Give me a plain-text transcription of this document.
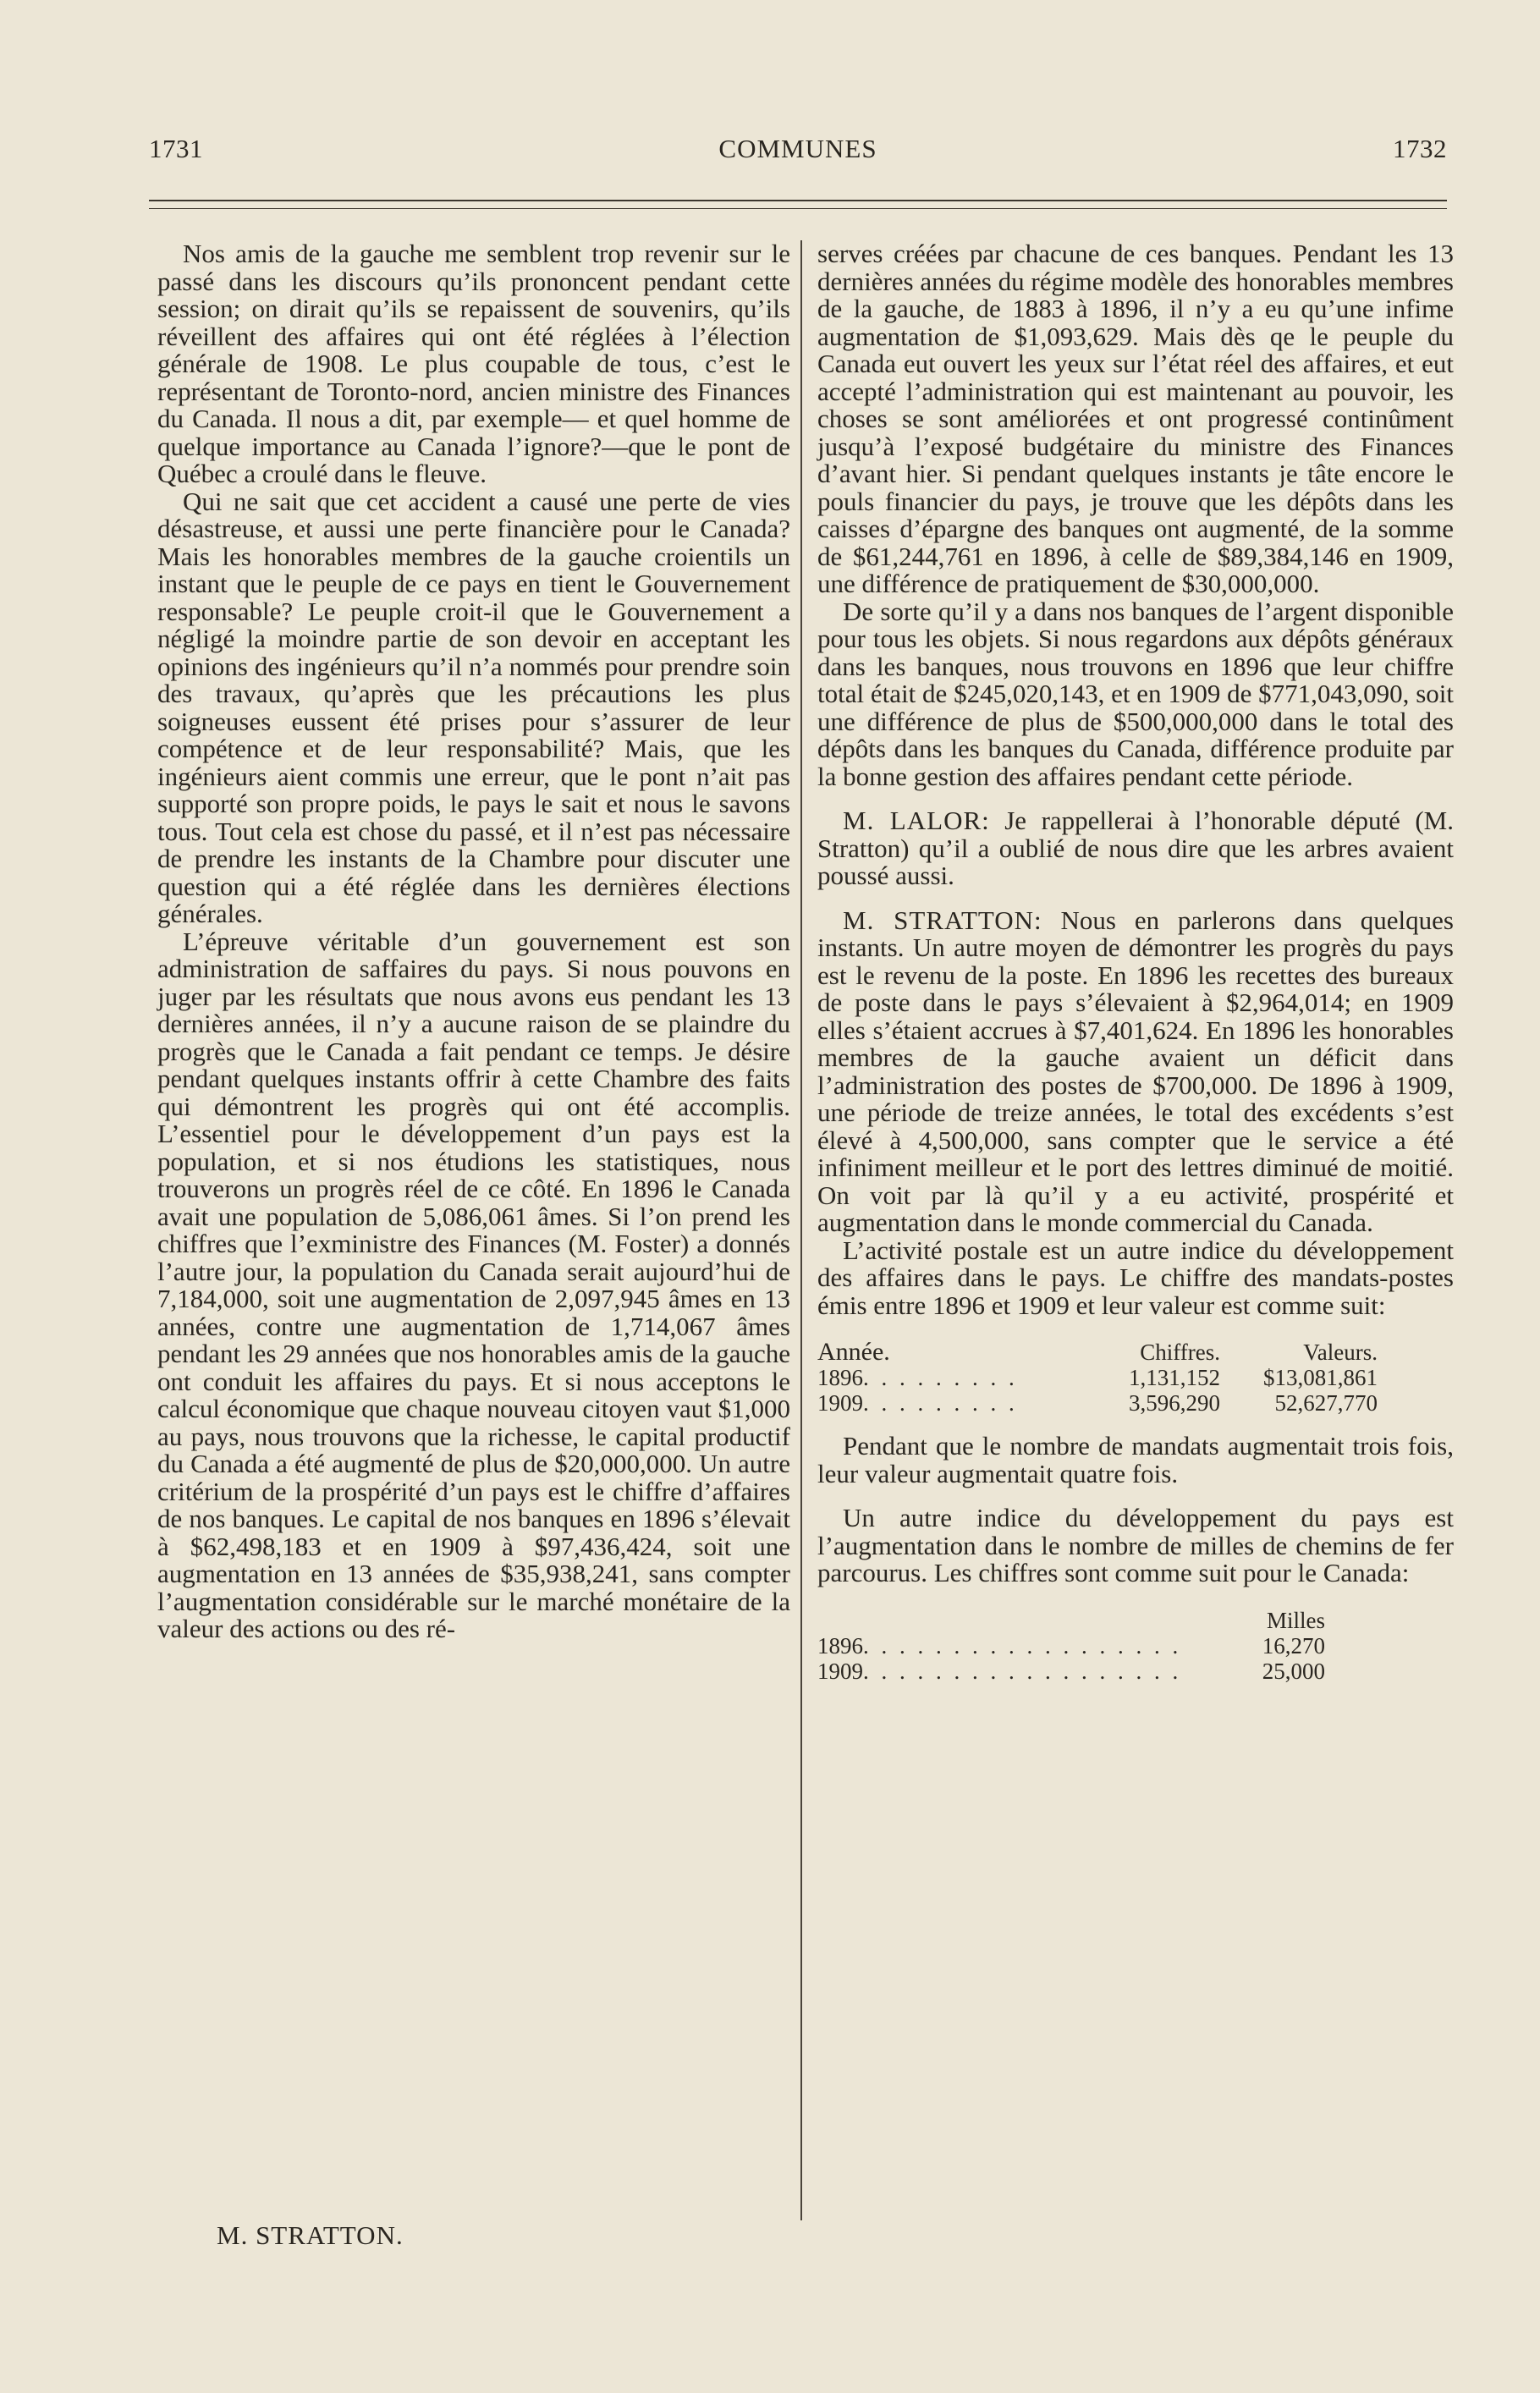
1731	COMMUNES	1732

Nos amis de la gauche me semblent trop revenir sur le passé dans les discours qu’ils prononcent pendant cette session; on dirait qu’ils se repaissent de souvenirs, qu’ils réveillent des affaires qui ont été réglées à l’élection générale de 1908. Le plus coupable de tous, c’est le représentant de Toronto-nord, ancien ministre des Finances du Canada. Il nous a dit, par exemple— et quel homme de quelque importance au Canada l’ignore?—que le pont de Québec a croulé dans le fleuve.

Qui ne sait que cet accident a causé une perte de vies désastreuse, et aussi une perte financière pour le Canada? Mais les honorables membres de la gauche croientils un instant que le peuple de ce pays en tient le Gouvernement responsable? Le peuple croit-il que le Gouvernement a négligé la moindre partie de son devoir en acceptant les opinions des ingénieurs qu’il n’a nommés pour prendre soin des travaux, qu’après que les précautions les plus soigneuses eussent été prises pour s’assurer de leur compétence et de leur responsabilité? Mais, que les ingénieurs aient commis une erreur, que le pont n’ait pas supporté son propre poids, le pays le sait et nous le savons tous. Tout cela est chose du passé, et il n’est pas nécessaire de prendre les instants de la Chambre pour discuter une question qui a été réglée dans les dernières élections générales.

L’épreuve véritable d’un gouvernement est son administration de saffaires du pays. Si nous pouvons en juger par les résultats que nous avons eus pendant les 13 dernières années, il n’y a aucune raison de se plaindre du progrès que le Canada a fait pendant ce temps. Je désire pendant quelques instants offrir à cette Chambre des faits qui démontrent les progrès qui ont été accomplis. L’essentiel pour le développement d’un pays est la population, et si nos étudions les statistiques, nous trouverons un progrès réel de ce côté. En 1896 le Canada avait une population de 5,086,061 âmes. Si l’on prend les chiffres que l’exministre des Finances (M. Foster) a donnés l’autre jour, la population du Canada serait aujourd’hui de 7,184,000, soit une augmentation de 2,097,945 âmes en 13 années, contre une augmentation de 1,714,067 âmes pendant les 29 années que nos honorables amis de la gauche ont conduit les affaires du pays. Et si nous acceptons le calcul économique que chaque nouveau citoyen vaut $1,000 au pays, nous trouvons que la richesse, le capital productif du Canada a été augmenté de plus de $20,000,000. Un autre critérium de la prospérité d’un pays est le chiffre d’affaires de nos banques. Le capital de nos banques en 1896 s’élevait à $62,498,183 et en 1909 à $97,436,424, soit une augmentation en 13 années de $35,938,241, sans compter l’augmentation considérable sur le marché monétaire de la valeur des actions ou des ré-

serves créées par chacune de ces banques. Pendant les 13 dernières années du régime modèle des honorables membres de la gauche, de 1883 à 1896, il n’y a eu qu’une infime augmentation de $1,093,629. Mais dès qe le peuple du Canada eut ouvert les yeux sur l’état réel des affaires, et eut accepté l’administration qui est maintenant au pouvoir, les choses se sont améliorées et ont progressé continûment jusqu’à l’exposé budgétaire du ministre des Finances d’avant hier. Si pendant quelques instants je tâte encore le pouls financier du pays, je trouve que les dépôts dans les caisses d’épargne des banques ont augmenté, de la somme de $61,244,761 en 1896, à celle de $89,384,146 en 1909, une différence de pratiquement de $30,000,000.

De sorte qu’il y a dans nos banques de l’argent disponible pour tous les objets. Si nous regardons aux dépôts généraux dans les banques, nous trouvons en 1896 que leur chiffre total était de $245,020,143, et en 1909 de $771,043,090, soit une différence de plus de $500,000,000 dans le total des dépôts dans les banques du Canada, différence produite par la bonne gestion des affaires pendant cette période.

M. LALOR: Je rappellerai à l’honorable député (M. Stratton) qu’il a oublié de nous dire que les arbres avaient poussé aussi.

M. STRATTON: Nous en parlerons dans quelques instants. Un autre moyen de démontrer les progrès du pays est le revenu de la poste. En 1896 les recettes des bureaux de poste dans le pays s’élevaient à $2,964,014; en 1909 elles s’étaient accrues à $7,401,624. En 1896 les honorables membres de la gauche avaient un déficit dans l’administration des postes de $700,000. De 1896 à 1909, une période de treize années, le total des excédents s’est élevé à 4,500,000, sans compter que le service a été infiniment meilleur et le port des lettres diminué de moitié. On voit par là qu’il y a eu activité, prospérité et augmentation dans le monde commercial du Canada.

L’activité postale est un autre indice du développement des affaires dans le pays. Le chiffre des mandats-postes émis entre 1896 et 1909 et leur valeur est comme suit:

Année.	Chiffres.	Valeurs.
1896. . . . . . . . .	1,131,152	$13,081,861
1909. . . . . . . . .	3,596,290	52,627,770

Pendant que le nombre de mandats augmentait trois fois, leur valeur augmentait quatre fois.

Un autre indice du développement du pays est l’augmentation dans le nombre de milles de chemins de fer parcourus. Les chiffres sont comme suit pour le Canada:

	Milles
1896. . . . . . . . . . . . . . . . . .	16,270
1909. . . . . . . . . . . . . . . . . .	25,000
M. STRATTON.
